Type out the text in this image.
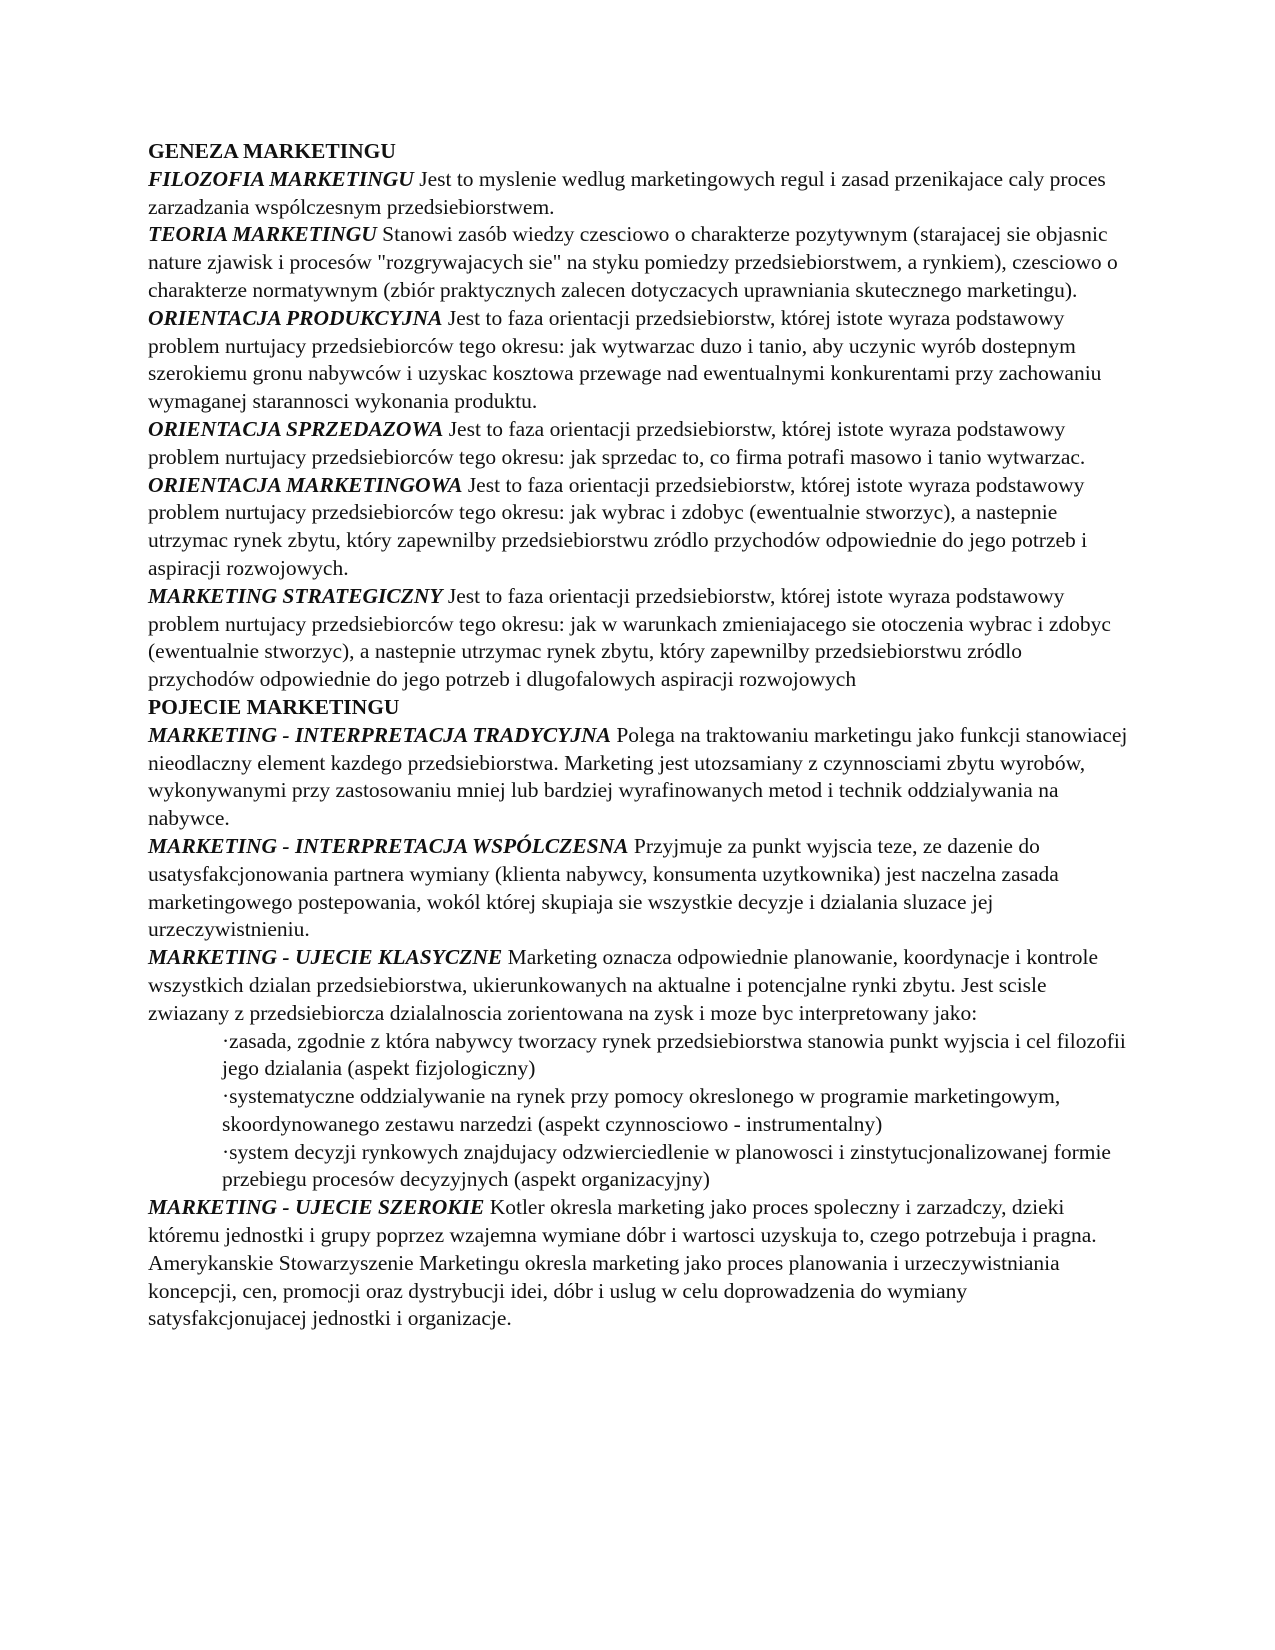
GENEZA MARKETINGU

FILOZOFIA MARKETINGU Jest to myslenie wedlug marketingowych regul i zasad przenikajace caly proces zarzadzania wspólczesnym przedsiebiorstwem.

TEORIA MARKETINGU Stanowi zasób wiedzy czesciowo o charakterze pozytywnym (starajacej sie objasnic nature zjawisk i procesów "rozgrywajacych sie" na styku pomiedzy przedsiebiorstwem, a rynkiem), czesciowo o charakterze normatywnym (zbiór praktycznych zalecen dotyczacych uprawniania skutecznego marketingu).

ORIENTACJA PRODUKCYJNA Jest to faza orientacji przedsiebiorstw, której istote wyraza podstawowy problem nurtujacy przedsiebiorców tego okresu: jak wytwarzac duzo i tanio, aby uczynic wyrób dostepnym szerokiemu gronu nabywców i uzyskac kosztowa przewage nad ewentualnymi konkurentami przy zachowaniu wymaganej starannosci wykonania produktu.

ORIENTACJA SPRZEDAZOWA Jest to faza orientacji przedsiebiorstw, której istote wyraza podstawowy problem nurtujacy przedsiebiorców tego okresu: jak sprzedac to, co firma potrafi masowo i tanio wytwarzac.

ORIENTACJA MARKETINGOWA Jest to faza orientacji przedsiebiorstw, której istote wyraza podstawowy problem nurtujacy przedsiebiorców tego okresu: jak wybrac i zdobyc (ewentualnie stworzyc), a nastepnie utrzymac rynek zbytu, który zapewnilby przedsiebiorstwu zródlo przychodów odpowiednie do jego potrzeb i aspiracji rozwojowych.

MARKETING STRATEGICZNY Jest to faza orientacji przedsiebiorstw, której istote wyraza podstawowy problem nurtujacy przedsiebiorców tego okresu: jak w warunkach zmieniajacego sie otoczenia wybrac i zdobyc (ewentualnie stworzyc), a nastepnie utrzymac rynek zbytu, który zapewnilby przedsiebiorstwu zródlo przychodów odpowiednie do jego potrzeb i dlugofalowych aspiracji rozwojowych

POJECIE MARKETINGU

MARKETING - INTERPRETACJA TRADYCYJNA Polega na traktowaniu marketingu jako funkcji stanowiacej nieodlaczny element kazdego przedsiebiorstwa. Marketing jest utozsamiany z czynnosciami zbytu wyrobów, wykonywanymi przy zastosowaniu mniej lub bardziej wyrafinowanych metod i technik oddzialywania na nabywce.

MARKETING - INTERPRETACJA WSPÓLCZESNA Przyjmuje za punkt wyjscia teze, ze dazenie do usatysfakcjonowania partnera wymiany (klienta nabywcy, konsumenta uzytkownika) jest naczelna zasada marketingowego postepowania, wokól której skupiaja sie wszystkie decyzje i dzialania sluzace jej urzeczywistnieniu.

MARKETING - UJECIE KLASYCZNE Marketing oznacza odpowiednie planowanie, koordynacje i kontrole wszystkich dzialan przedsiebiorstwa, ukierunkowanych na aktualne i potencjalne rynki zbytu. Jest scisle zwiazany z przedsiebiorcza dzialalnoscia zorientowana na zysk i moze byc interpretowany jako:

·zasada, zgodnie z która nabywcy tworzacy rynek przedsiebiorstwa stanowia punkt wyjscia i cel filozofii jego dzialania (aspekt fizjologiczny)
·systematyczne oddzialywanie na rynek przy pomocy okreslonego w programie marketingowym, skoordynowanego zestawu narzedzi (aspekt czynnosciowo - instrumentalny)
·system decyzji rynkowych znajdujacy odzwierciedlenie w planowosci i zinstytucjonalizowanej formie przebiegu procesów decyzyjnych (aspekt organizacyjny)

MARKETING - UJECIE SZEROKIE Kotler okresla marketing jako proces spoleczny i zarzadczy, dzieki któremu jednostki i grupy poprzez wzajemna wymiane dóbr i wartosci uzyskuja to, czego potrzebuja i pragna. Amerykanskie Stowarzyszenie Marketingu okresla marketing jako proces planowania i urzeczywistniania koncepcji, cen, promocji oraz dystrybucji idei, dóbr i uslug w celu doprowadzenia do wymiany satysfakcjonujacej jednostki i organizacje.
